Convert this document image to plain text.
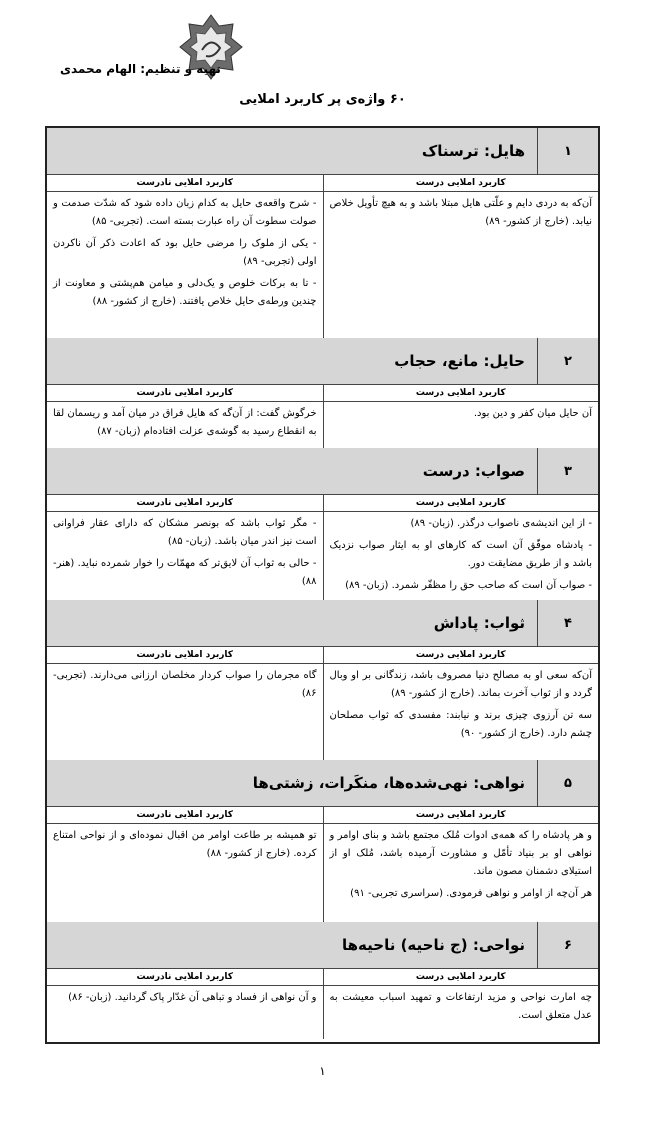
تهیه و تنظیم: الهام محمدی
۶۰ واژه‌ی پر کاربرد املایی
۱
هایل: ترسناک
کاربرد املایی درست

آن‌که به دردی دایم و علّتی هایل مبتلا باشد و به هیچ تأویل خلاص نیابد. (خارج از کشور- ۸۹)

کاربرد املایی نادرست

- شرح واقعه‌ی حایل به کدام زبان داده شود که شدّت صدمت و صولت سطوت آن راه عبارت بسته است. (تجربی- ۸۵)

- یکی از ملوک را مرضی حایل بود که اعادت ذکر آن ناکردن اولی (تجربی- ۸۹)

- تا به برکات خلوص و یک‌دلی و میامن هم‌پشتی و معاونت از چندین ورطه‌ی حایل خلاص یافتند. (خارج از کشور- ۸۸)

۲
حایل: مانع، حجاب
کاربرد املایی درست

آن حایل میان کفر و دین بود.

کاربرد املایی نادرست

خرگوش گفت: از آن‌گه که هایل فراق در میان آمد و ریسمان لقا به انقطاع رسید به گوشه‌ی عزلت افتاده‌ام (زبان- ۸۷)

۳
صواب: درست
کاربرد املایی درست

- از این اندیشه‌ی ناصواب درگذر. (زبان- ۸۹)

- پادشاه موفّق آن است که کارهای او به ایثار صواب نزدیک باشد و از طریق مضایقت دور.

- صواب آن است که صاحب حق را مظفّر شمرد. (زبان- ۸۹)

کاربرد املایی نادرست

- مگر ثواب باشد که بونصر مشکان که دارای عقار فراوانی است نیز اندر میان باشد. (زبان- ۸۵)

- حالی به ثواب آن لایق‌تر که مهمّات را خوار شمرده نباید. (هنر- ۸۸)

۴
ثواب: پاداش
کاربرد املایی درست

آن‌که سعی او به مصالح دنیا مصروف باشد، زندگانی بر او وبال گردد و از ثواب آخرت بماند. (خارج از کشور- ۸۹)

سه تن آرزوی چیزی برند و نیابند: مفسدی که ثواب مصلحان چشم دارد. (خارج از کشور- ۹۰)

کاربرد املایی نادرست

گاه مجرمان را صواب کردار مخلصان ارزانی می‌دارند. (تجربی- ۸۶)

۵
نواهی: نهی‌شده‌ها، منکَرات، زشتی‌ها
کاربرد املایی درست

و هر پادشاه را که همه‌ی ادوات مُلک مجتمع باشد و بنای اوامر و نواهی او بر بنیاد تأمّل و مشاورت آرمیده باشد، مُلک او از استیلای دشمنان مصون ماند.

هر آن‌چه از اوامر و نواهی فرمودی. (سراسری تجربی- ۹۱)

کاربرد املایی نادرست

تو همیشه بر طاعت اوامر من اقبال نموده‌ای و از نواحی امتناع کرده. (خارج از کشور- ۸۸)

۶
نواحی: (ج ناحیه) ناحیه‌ها
کاربرد املایی درست

چه امارت نواحی و مزید ارتفاعات و تمهید اسباب معیشت به عدل متعلق است.

کاربرد املایی نادرست

و آن نواهی از فساد و تباهی آن غدّار پاک گردانید. (زبان- ۸۶)

۱
